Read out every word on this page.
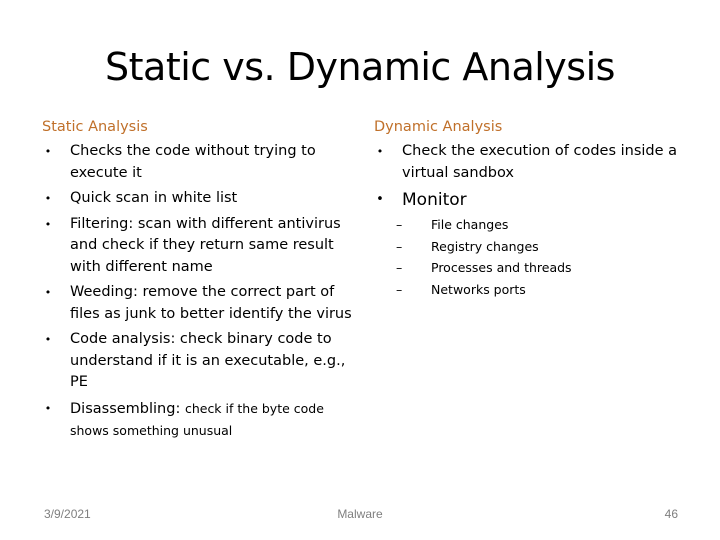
Static vs. Dynamic Analysis
Static Analysis
• Checks the code without trying to execute it
• Quick scan in white list
• Filtering: scan with different antivirus and check if they return same result with different name
• Weeding: remove the correct part of files as junk to better identify the virus
• Code analysis: check binary code to understand if it is an executable, e.g., PE
• Disassembling: check if the byte code shows something unusual
Dynamic Analysis
• Check the execution of codes inside a virtual sandbox
• Monitor
– File changes
– Registry changes
– Processes and threads
– Networks ports
3/9/2021	Malware	46
